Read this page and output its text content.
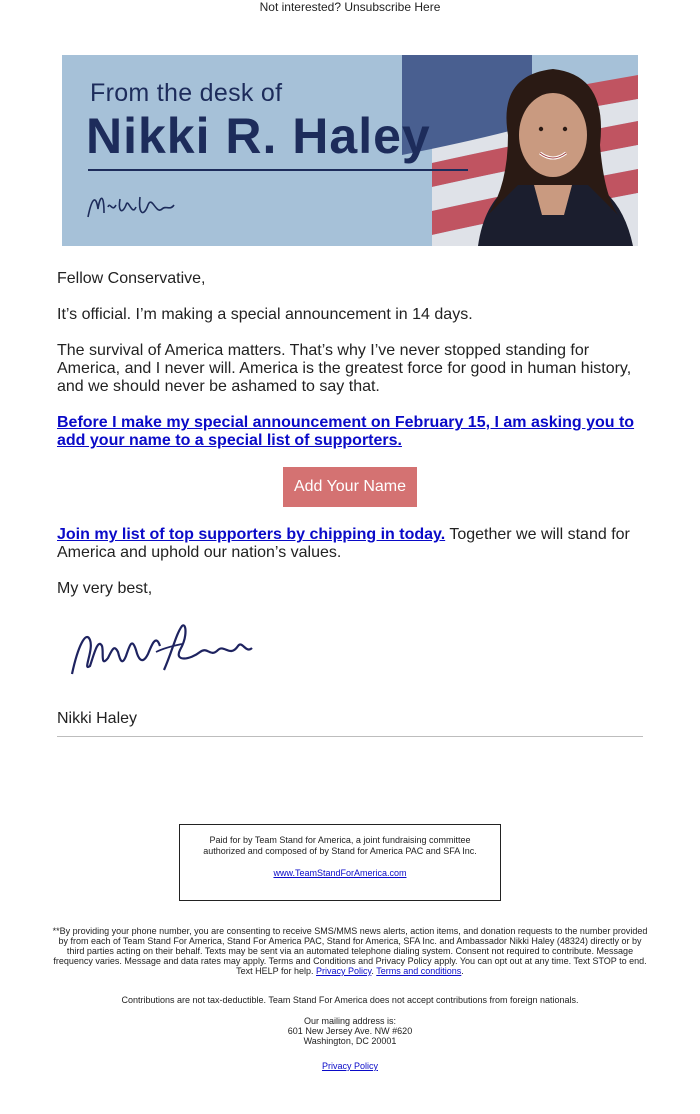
Not interested? Unsubscribe Here
From the desk of
Nikki R. Haley
Fellow Conservative,
It’s official. I’m making a special announcement in 14 days.
The survival of America matters. That’s why I’ve never stopped standing for America, and I never will. America is the greatest force for good in human history, and we should never be ashamed to say that.
Before I make my special announcement on February 15, I am asking you to add your name to a special list of supporters.
Add Your Name
Join my list of top supporters by chipping in today. Together we will stand for America and uphold our nation’s values.
My very best,
Nikki Haley
Paid for by Team Stand for America, a joint fundraising committee authorized and composed of by Stand for America PAC and SFA Inc.
www.TeamStandForAmerica.com
**By providing your phone number, you are consenting to receive SMS/MMS news alerts, action items, and donation requests to the number provided by from each of Team Stand For America, Stand For America PAC, Stand for America, SFA Inc. and Ambassador Nikki Haley (48324) directly or by third parties acting on their behalf. Texts may be sent via an automated telephone dialing system. Consent not required to contribute. Message frequency varies. Message and data rates may apply. Terms and Conditions and Privacy Policy apply. You can opt out at any time. Text STOP to end. Text HELP for help. Privacy Policy. Terms and conditions.
Contributions are not tax-deductible. Team Stand For America does not accept contributions from foreign nationals.
Our mailing address is:
601 New Jersey Ave. NW #620
Washington, DC 20001
Privacy Policy
